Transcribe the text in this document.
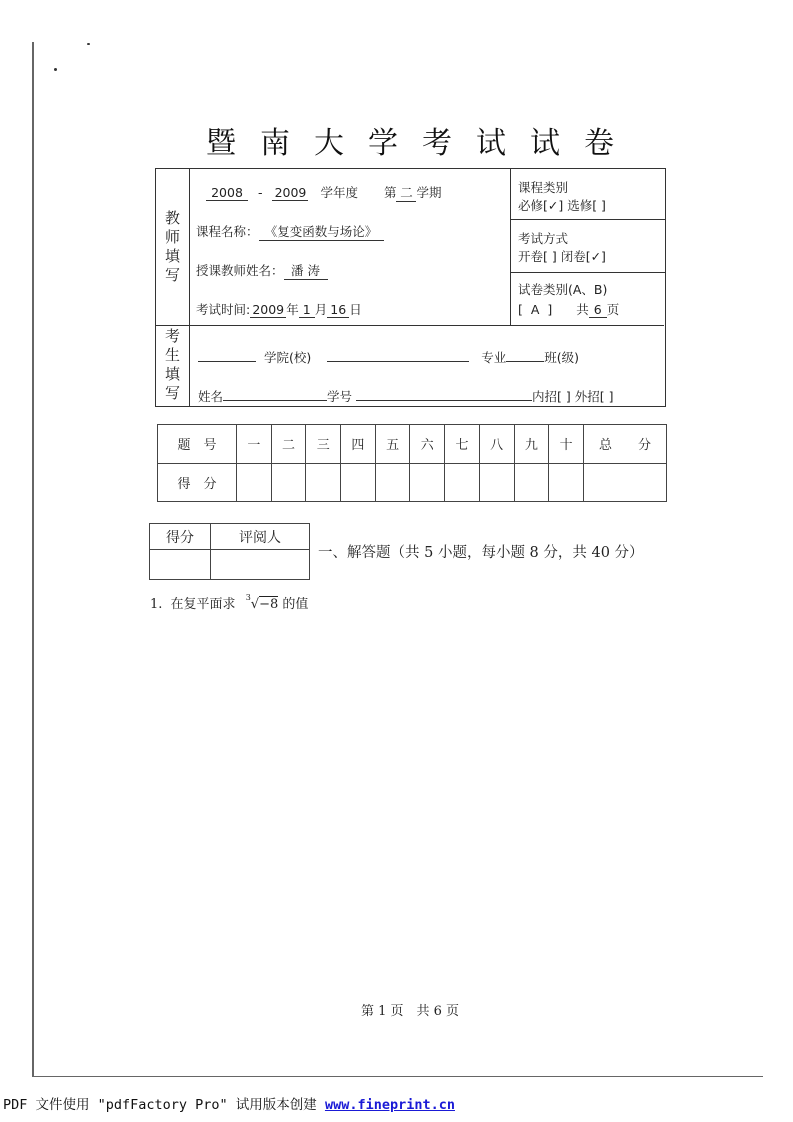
暨 南 大 学 考 试 试 卷
教
师
填
写
2008 - 2009 学年度 第 二 学期
课程名称： 《复变函数与场论》
授课教师姓名： 潘 涛
考试时间: 2009 年 1 月 16 日
课程类别
必修[✓] 选修[ ]
考试方式
开卷[ ] 闭卷[✓]
试卷类别(A、B)
[ A ] 共 6 页
考
生
填
写
学院(校)	专业	班(级)
姓名	学号	内招[ ] 外招[ ]
题　号	一	二	三	四	五	六	七	八	九	十	总　　分
得　分											
得分	评阅人

一、解答题（共 5 小题，每小题 8 分，共 40 分）
1. 在复平面求 $^3$√−8 的值
第 1 页　共 6 页
PDF 文件使用 "pdfFactory Pro" 试用版本创建 www.fineprint.cn
